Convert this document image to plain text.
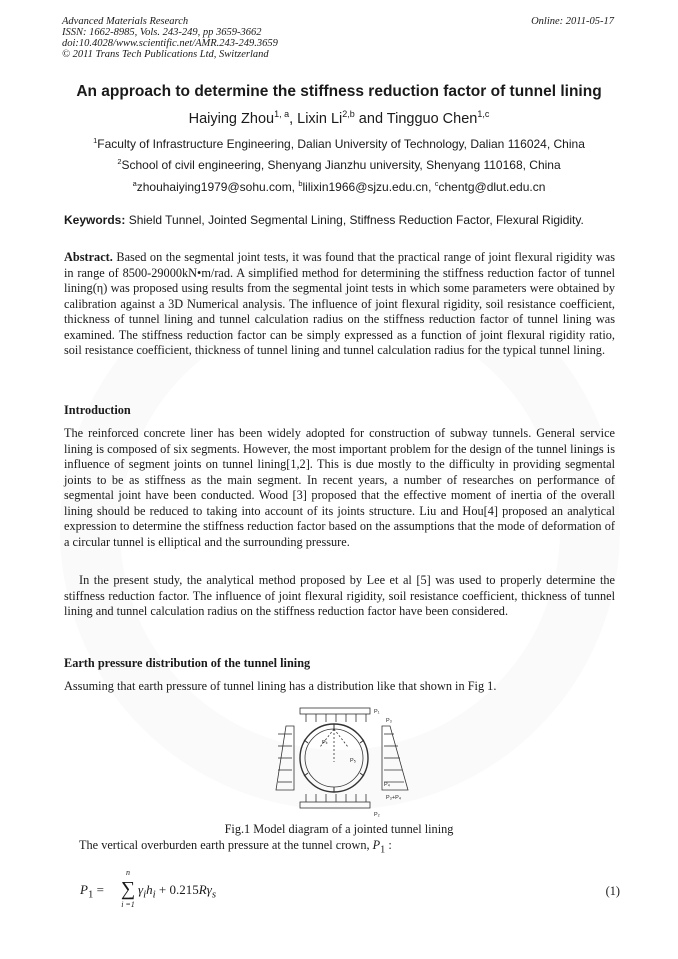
Advanced Materials Research
ISSN: 1662-8985, Vols. 243-249, pp 3659-3662
doi:10.4028/www.scientific.net/AMR.243-249.3659
© 2011 Trans Tech Publications Ltd, Switzerland
Online: 2011-05-17
An approach to determine the stiffness reduction factor of tunnel lining
Haiying Zhou$^{1, a}$, Lixin Li$^{2,b}$ and Tingguo Chen$^{1,c}$
$^1$Faculty of Infrastructure Engineering, Dalian University of Technology, Dalian 116024, China
$^2$School of civil engineering, Shenyang Jianzhu university, Shenyang 110168, China
$^a$zhouhaiying1979@sohu.com, $^b$lilixin1966@sjzu.edu.cn, $^c$chentg@dlut.edu.cn
Keywords: Shield Tunnel, Jointed Segmental Lining, Stiffness Reduction Factor, Flexural Rigidity.
Abstract. Based on the segmental joint tests, it was found that the practical range of joint flexural rigidity was in range of 8500-29000kN•m/rad. A simplified method for determining the stiffness reduction factor of tunnel lining(η) was proposed using results from the segmental joint tests in which some parameters were obtained by calibration against a 3D Numerical analysis. The influence of joint flexural rigidity, soil resistance coefficient, thickness of tunnel lining and tunnel calculation radius on the stiffness reduction factor of tunnel lining was examined. The stiffness reduction factor can be simply expressed as a function of joint flexural rigidity ratio, soil resistance coefficient, thickness of tunnel lining and tunnel calculation radius for the typical tunnel lining.
Introduction
The reinforced concrete liner has been widely adopted for construction of subway tunnels. General service lining is composed of six segments. However, the most important problem for the design of the tunnel linings is influence of segment joints on tunnel lining[1,2]. This is due mostly to the difficulty in providing segmental joints to be as stiffness as the main segment. In recent years, a number of researches on performance of segmental joint have been conducted. Wood [3] proposed that the effective moment of inertia of the overall lining should be reduced to taking into account of its joints structure. Liu and Hou[4] proposed an analytical expression to determine the stiffness reduction factor based on the assumptions that the mode of deformation of a circular tunnel is elliptical and the surrounding pressure.
In the present study, the analytical method proposed by Lee et al [5] was used to properly determine the stiffness reduction factor. The influence of joint flexural rigidity, soil resistance coefficient, thickness of tunnel lining and tunnel calculation radius on the stiffness reduction factor have been considered.
Earth pressure distribution of the tunnel lining
Assuming that earth pressure of tunnel lining has a distribution like that shown in Fig 1.
P₁
P₃
Pₖ
P₄
P₃+P₄
P₂
P₅
Fig.1 Model diagram of a jointed tunnel lining
The vertical overburden earth pressure at the tunnel crown, $P_1$ :
$P_1$ =
n
∑
i =1
$\gamma_ih_i + 0.215R\gamma_s$	(1)
